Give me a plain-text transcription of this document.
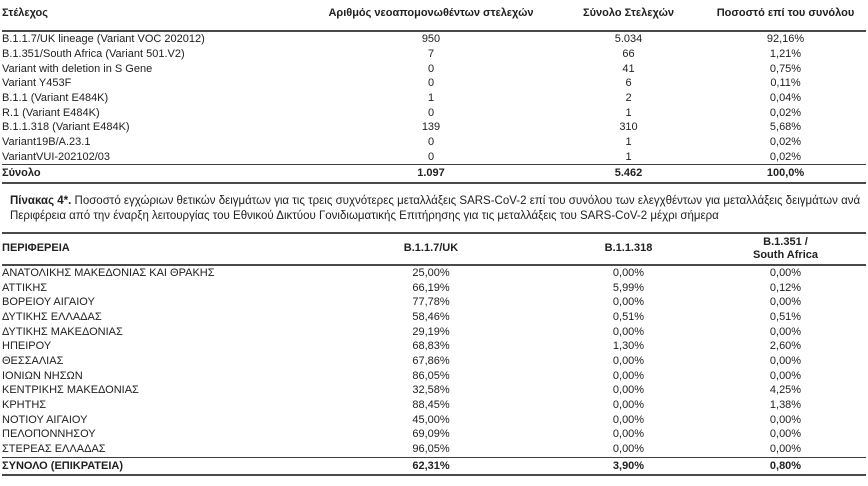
Στέλεχος	Αριθμός νεοαπομονωθέντων στελεχών	Σύνολο Στελεχών	Ποσοστό επί του συνόλου
B.1.1.7/UK lineage (Variant VOC 202012)	950	5.034	92,16%
B.1.351/South Africa (Variant 501.V2)	7	66	1,21%
Variant with deletion in S Gene	0	41	0,75%
Variant Y453F	0	6	0,11%
B.1.1 (Variant E484K)	1	2	0,04%
R.1 (Variant E484K)	0	1	0,02%
B.1.1.318 (Variant E484K)	139	310	5,68%
Variant19B/A.23.1	0	1	0,02%
VariantVUI-202102/03	0	1	0,02%
Σύνολο	1.097	5.462	100,0%

Πίνακας 4*. Ποσοστό εγχώριων θετικών δειγμάτων για τις τρεις συχνότερες μεταλλάξεις SARS-CoV-2 επί του συνόλου των ελεγχθέντων για μεταλλάξεις δειγμάτων ανά Περιφέρεια από την έναρξη λειτουργίας του Εθνικού Δικτύου Γονιδιωματικής Επιτήρησης για τις μεταλλάξεις του SARS-CoV-2 μέχρι σήμερα

ΠΕΡΙΦΕΡΕΙΑ	B.1.1.7/UK	B.1.1.318	B.1.351 /
South Africa

ΑΝΑΤΟΛΙΚΗΣ ΜΑΚΕΔΟΝΙΑΣ ΚΑΙ ΘΡΑΚΗΣ	25,00%	0,00%	0,00%
ΑΤΤΙΚΗΣ	66,19%	5,99%	0,12%
ΒΟΡΕΙΟΥ ΑΙΓΑΙΟΥ	77,78%	0,00%	0,00%
ΔΥΤΙΚΗΣ ΕΛΛΑΔΑΣ	58,46%	0,51%	0,51%
ΔΥΤΙΚΗΣ ΜΑΚΕΔΟΝΙΑΣ	29,19%	0,00%	0,00%
ΗΠΕΙΡΟΥ	68,83%	1,30%	2,60%
ΘΕΣΣΑΛΙΑΣ	67,86%	0,00%	0,00%
ΙΟΝΙΩΝ ΝΗΣΩΝ	86,05%	0,00%	0,00%
ΚΕΝΤΡΙΚΗΣ ΜΑΚΕΔΟΝΙΑΣ	32,58%	0,00%	4,25%
ΚΡΗΤΗΣ	88,45%	0,00%	1,38%
ΝΟΤΙΟΥ ΑΙΓΑΙΟΥ	45,00%	0,00%	0,00%
ΠΕΛΟΠΟΝΝΗΣΟΥ	69,09%	0,00%	0,00%
ΣΤΕΡΕΑΣ ΕΛΛΑΔΑΣ	96,05%	0,00%	0,00%
ΣΥΝΟΛΟ (ΕΠΙΚΡΑΤΕΙΑ)	62,31%	3,90%	0,80%
